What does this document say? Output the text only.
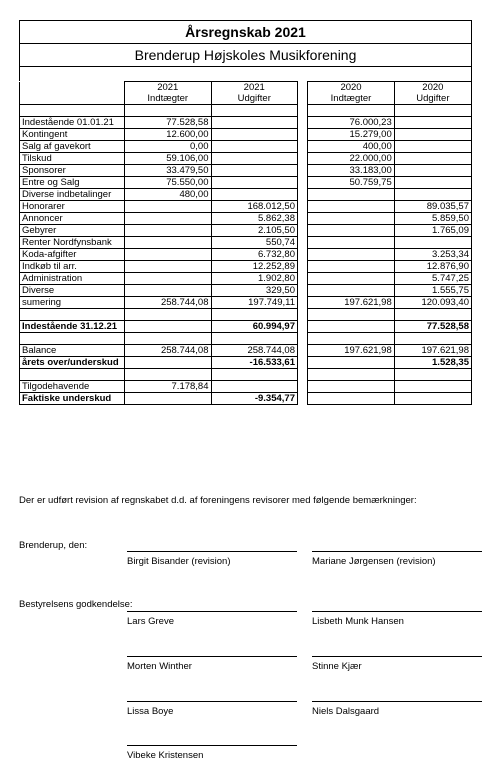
Årsregnskab 2021
Brenderup Højskoles Musikforening
	2021	2021		2020	2020
	Indtægter	Udgifter		Indtægter	Udgifter

Indestående 01.01.21	77.528,58			76.000,23	
Kontingent	12.600,00			15.279,00	
Salg af gavekort	0,00			400,00	
Tilskud	59.106,00			22.000,00	
Sponsorer	33.479,50			33.183,00	
Entre og Salg	75.550,00			50.759,75	
Diverse indbetalinger	480,00				
Honorarer		168.012,50			89.035,57
Annoncer		5.862,38			5.859,50
Gebyrer		2.105,50			1.765,09
Renter Nordfynsbank		550,74			
Koda-afgifter		6.732,80			3.253,34
Indkøb til arr.		12.252,89			12.876,90
Administration		1.902,80			5.747,25
Diverse		329,50			1.555,75
sumering	258.744,08	197.749,11		197.621,98	120.093,40

Indestående 31.12.21		60.994,97			77.528,58

Balance	258.744,08	258.744,08		197.621,98	197.621,98
årets over/underskud		-16.533,61			1.528,35

Tilgodehavende	7.178,84				
Faktiske underskud		-9.354,77			
Der er udført revision af regnskabet d.d. af foreningens revisorer med følgende bemærkninger:
Brenderup, den:
Birgit Bisander (revision)	Mariane Jørgensen (revision)
Bestyrelsens godkendelse:
Lars Greve	Lisbeth Munk Hansen
Morten Winther	Stinne Kjær
Lissa Boye	Niels Dalsgaard
Vibeke Kristensen
